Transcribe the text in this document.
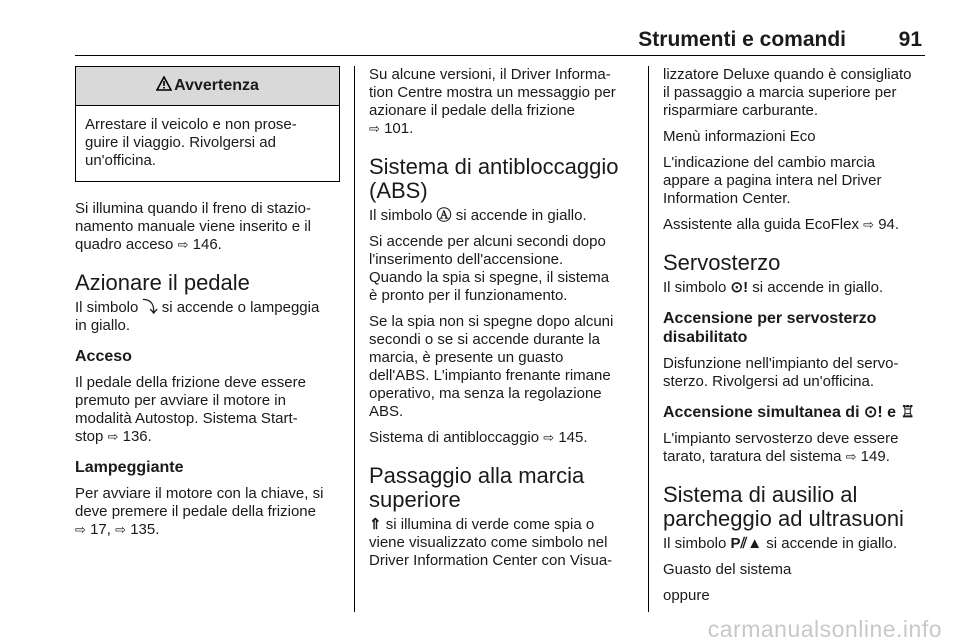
Strumenti e comandi	91
Avvertenza
Arrestare il veicolo e non prose-
guire il viaggio. Rivolgersi ad
un'officina.

Si illumina quando il freno di stazio-
namento manuale viene inserito e il
quadro acceso ⇨ 146.

Azionare il pedale

Il simbolo ⤵ si accende o lampeggia
in giallo.

Acceso

Il pedale della frizione deve essere
premuto per avviare il motore in
modalità Autostop. Sistema Start-
stop ⇨ 136.

Lampeggiante

Per avviare il motore con la chiave, si
deve premere il pedale della frizione
⇨ 17, ⇨ 135.

Su alcune versioni, il Driver Informa-
tion Centre mostra un messaggio per
azionare il pedale della frizione
⇨ 101.

Sistema di antibloccaggio
(ABS)

Il simbolo Ⓐ si accende in giallo.

Si accende per alcuni secondi dopo
l'inserimento dell'accensione.
Quando la spia si spegne, il sistema
è pronto per il funzionamento.

Se la spia non si spegne dopo alcuni
secondi o se si accende durante la
marcia, è presente un guasto
dell'ABS. L'impianto frenante rimane
operativo, ma senza la regolazione
ABS.

Sistema di antibloccaggio ⇨ 145.

Passaggio alla marcia
superiore

⇑ si illumina di verde come spia o
viene visualizzato come simbolo nel
Driver Information Center con Visua-

lizzatore Deluxe quando è consigliato
il passaggio a marcia superiore per
risparmiare carburante.

Menù informazioni Eco

L'indicazione del cambio marcia
appare a pagina intera nel Driver
Information Center.

Assistente alla guida EcoFlex ⇨ 94.

Servosterzo

Il simbolo ⊙! si accende in giallo.

Accensione per servosterzo
disabilitato

Disfunzione nell'impianto del servo-
sterzo. Rivolgersi ad un'officina.

Accensione simultanea di ⊙! e ♖

L'impianto servosterzo deve essere
tarato, taratura del sistema ⇨ 149.

Sistema di ausilio al
parcheggio ad ultrasuoni

Il simbolo P⫽▲ si accende in giallo.

Guasto del sistema

oppure

carmanualsonline.info
